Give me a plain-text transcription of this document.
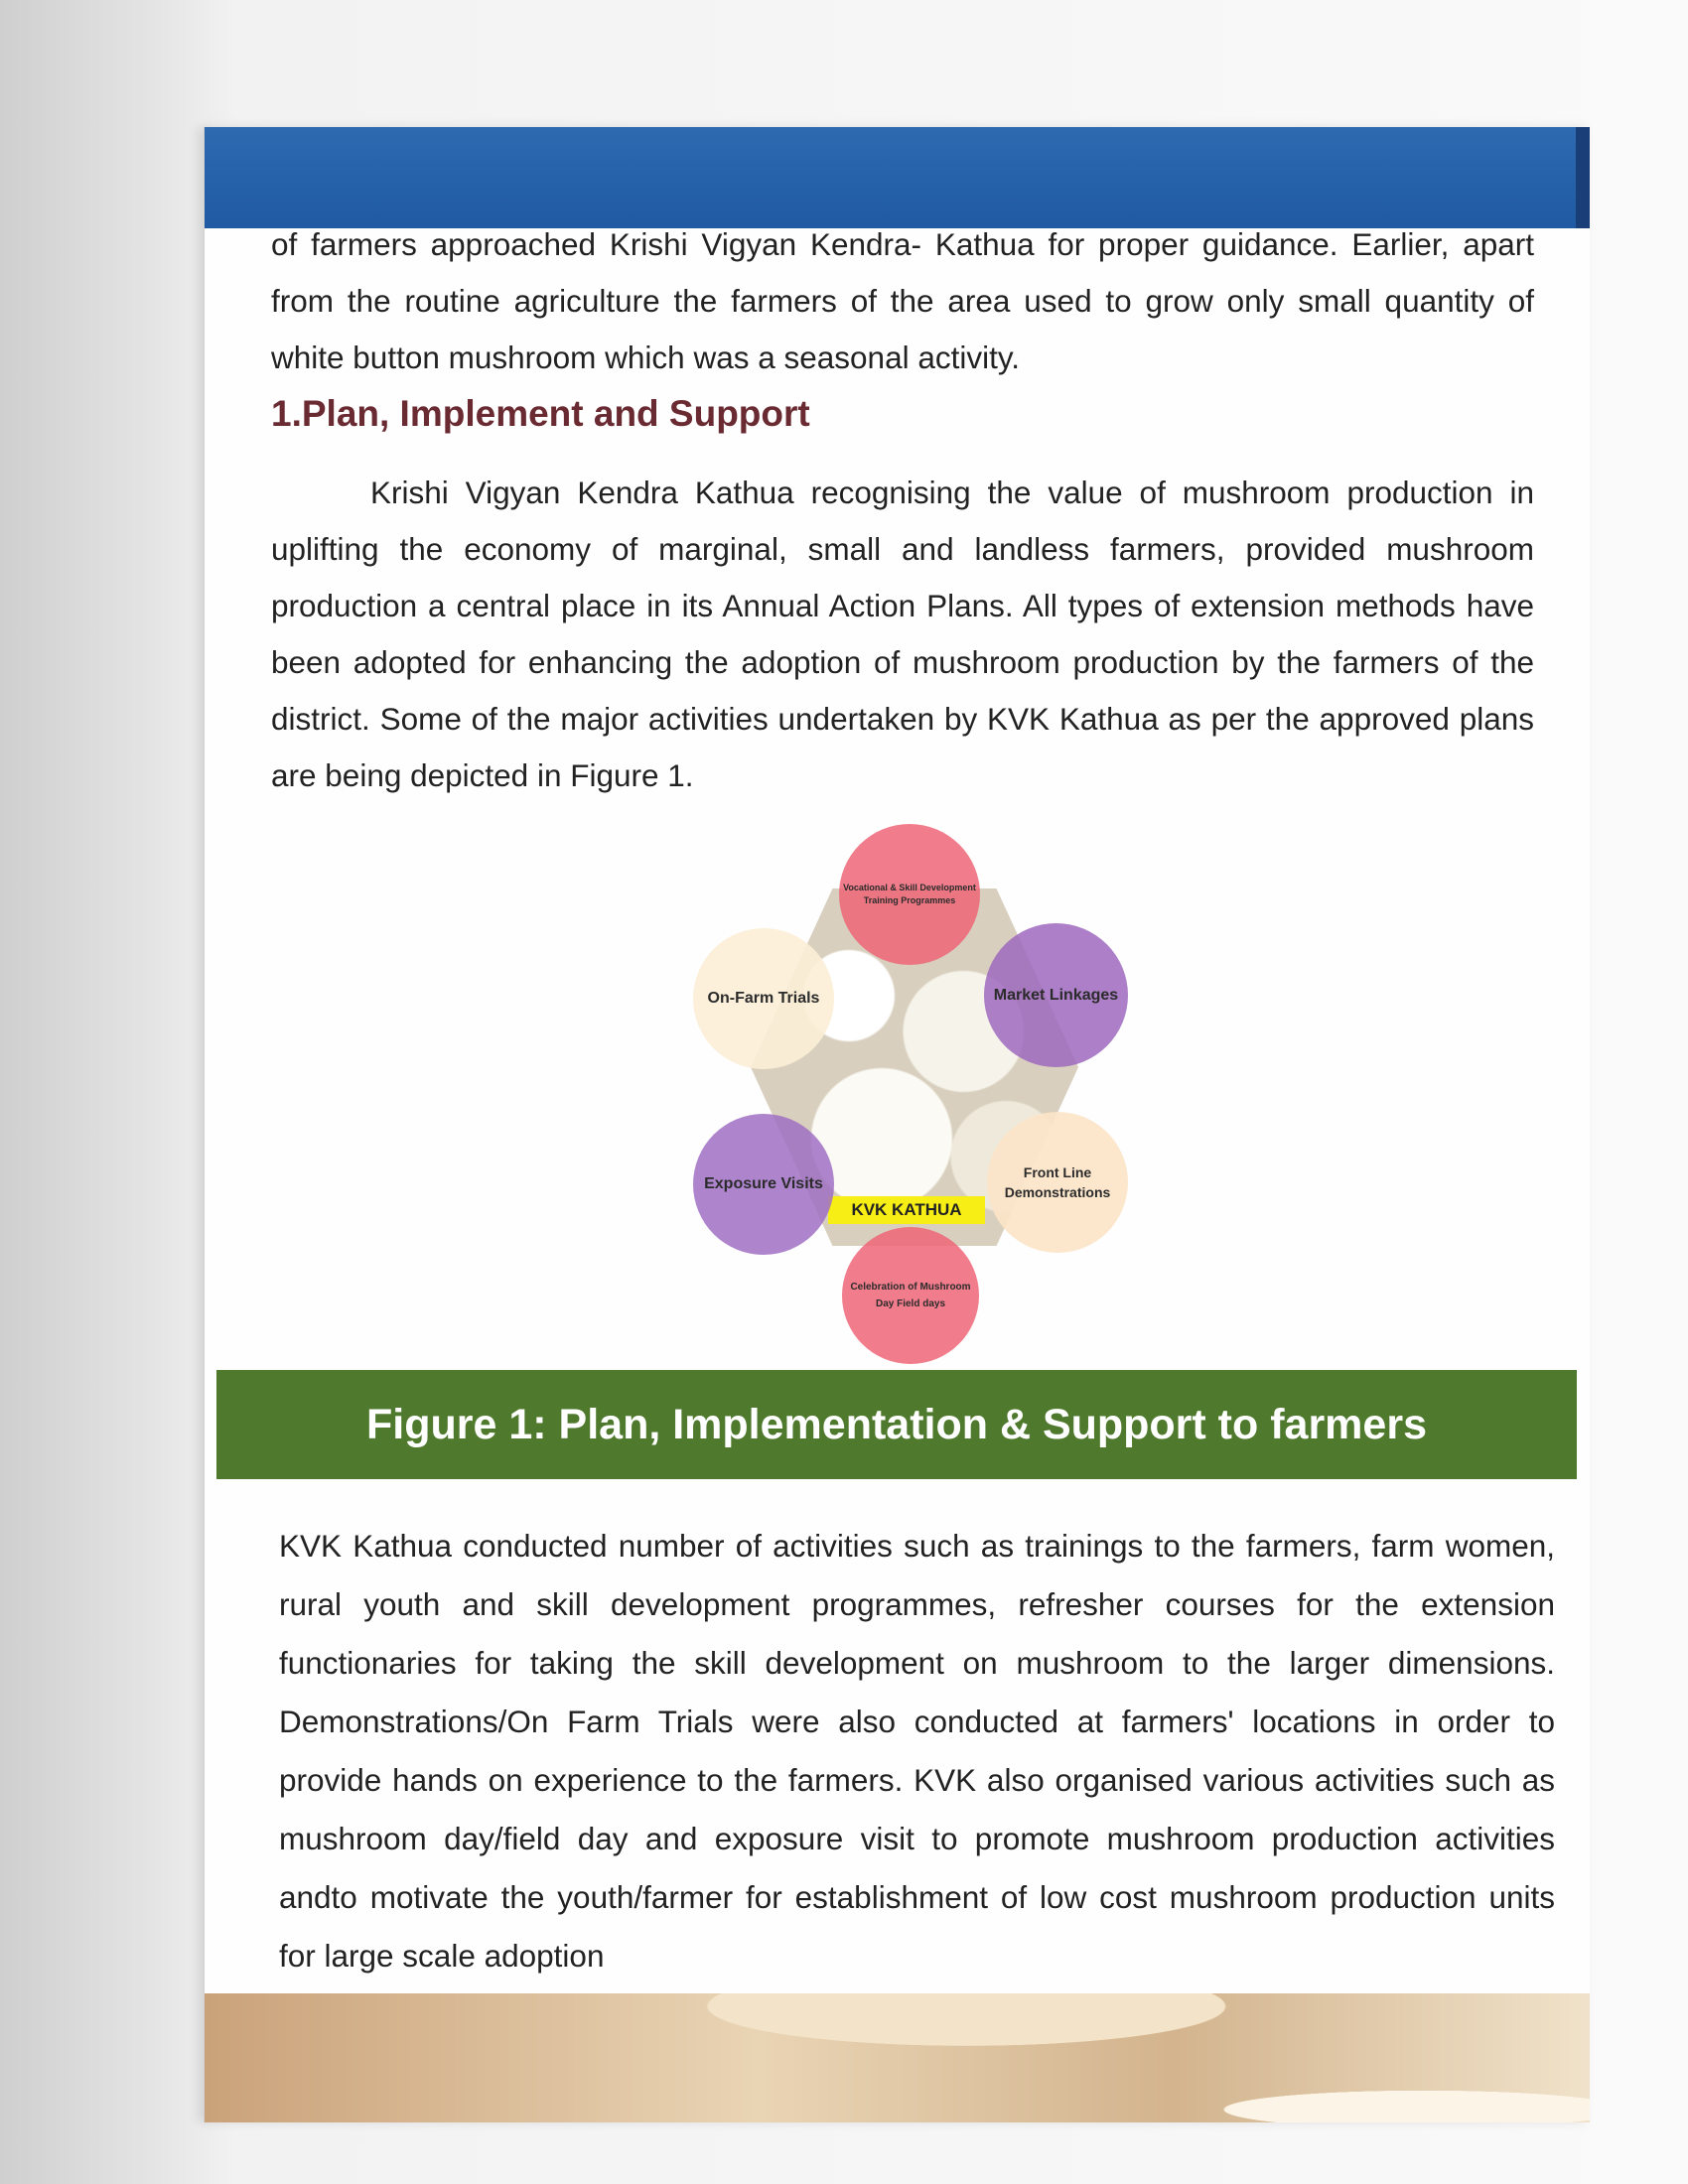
of farmers approached Krishi Vigyan Kendra- Kathua for proper guidance. Earlier, apart from the routine agriculture the farmers of the area used to grow only small quantity of white button mushroom which was a seasonal activity.

1.Plan, Implement and Support

Krishi Vigyan Kendra Kathua recognising the value of mushroom production in uplifting the economy of marginal, small and landless farmers, provided mushroom production a central place in its Annual Action Plans. All types of extension methods have been adopted for enhancing the adoption of mushroom production by the farmers of the district. Some of the major activities undertaken by KVK Kathua as per the approved plans are being depicted in Figure 1.

KVK KATHUA
Vocational & Skill Development Training Programmes
On-Farm Trials	Market Linkages
Exposure Visits
Front Line Demonstrations
Celebration of Mushroom Day Field days
Figure 1: Plan, Implementation & Support to farmers

KVK Kathua conducted number of activities such as trainings to the farmers, farm women, rural youth and skill development programmes, refresher courses for the extension functionaries for taking the skill development on mushroom to the larger dimensions. Demonstrations/On Farm Trials were also conducted at farmers' locations in order to provide hands on experience to the farmers. KVK also organised various activities such as mushroom day/field day and exposure visit to promote mushroom production activities andto motivate the youth/farmer for establishment of low cost mushroom production units for large scale adoption
